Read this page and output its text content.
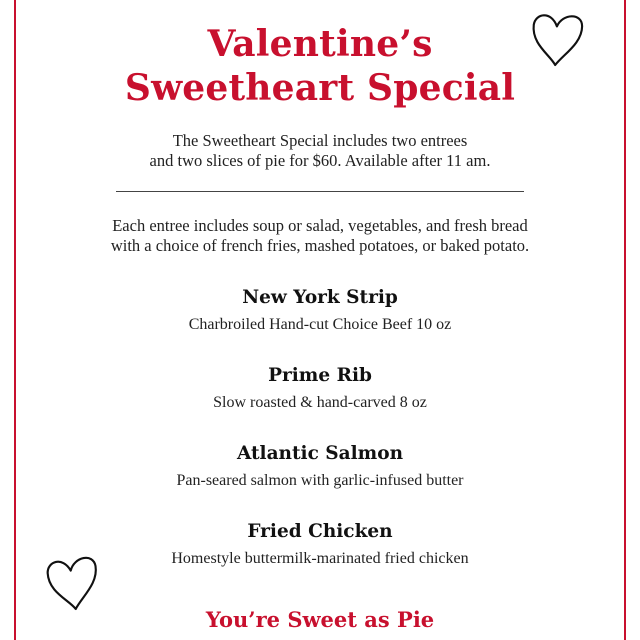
Valentine’s
Sweetheart Special
The Sweetheart Special includes two entrees
and two slices of pie for $60. Available after 11 am.
Each entree includes soup or salad, vegetables, and fresh bread
with a choice of french fries, mashed potatoes, or baked potato.
New York Strip
Charbroiled Hand-cut Choice Beef 10 oz
Prime Rib
Slow roasted & hand-carved 8 oz
Atlantic Salmon
Pan-seared salmon with garlic-infused butter
Fried Chicken
Homestyle buttermilk-marinated fried chicken
You’re Sweet as Pie
